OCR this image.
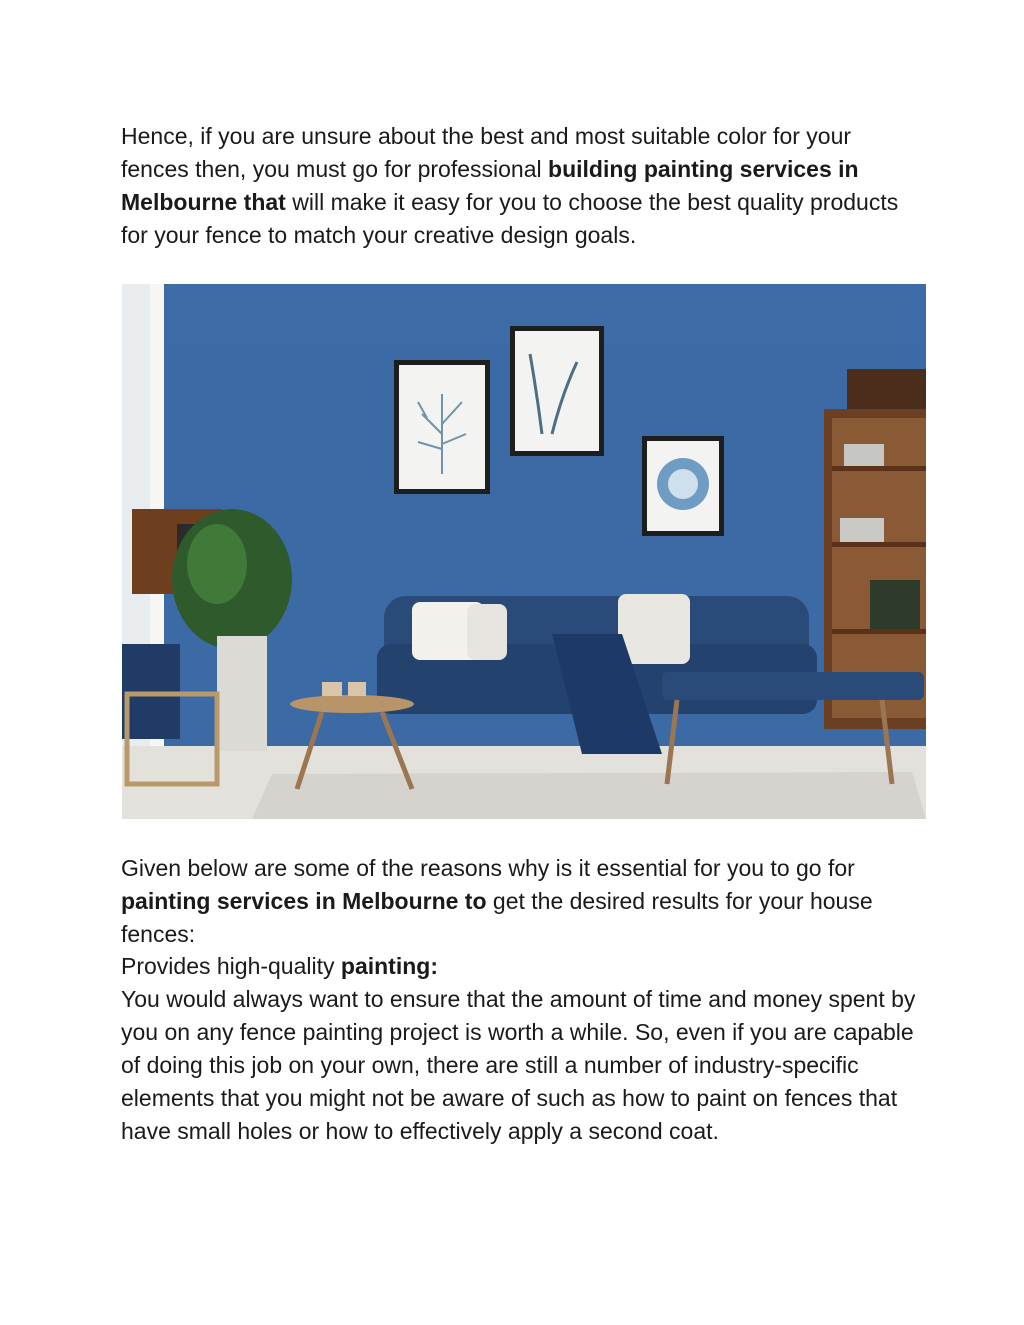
Hence, if you are unsure about the best and most suitable color for your fences then, you must go for professional building painting services in Melbourne that will make it easy for you to choose the best quality products for your fence to match your creative design goals.

Given below are some of the reasons why is it essential for you to go for painting services in Melbourne to get the desired results for your house fences:

Provides high-quality painting:

You would always want to ensure that the amount of time and money spent by you on any fence painting project is worth a while. So, even if you are capable of doing this job on your own, there are still a number of industry-specific elements that you might not be aware of such as how to paint on fences that have small holes or how to effectively apply a second coat.
